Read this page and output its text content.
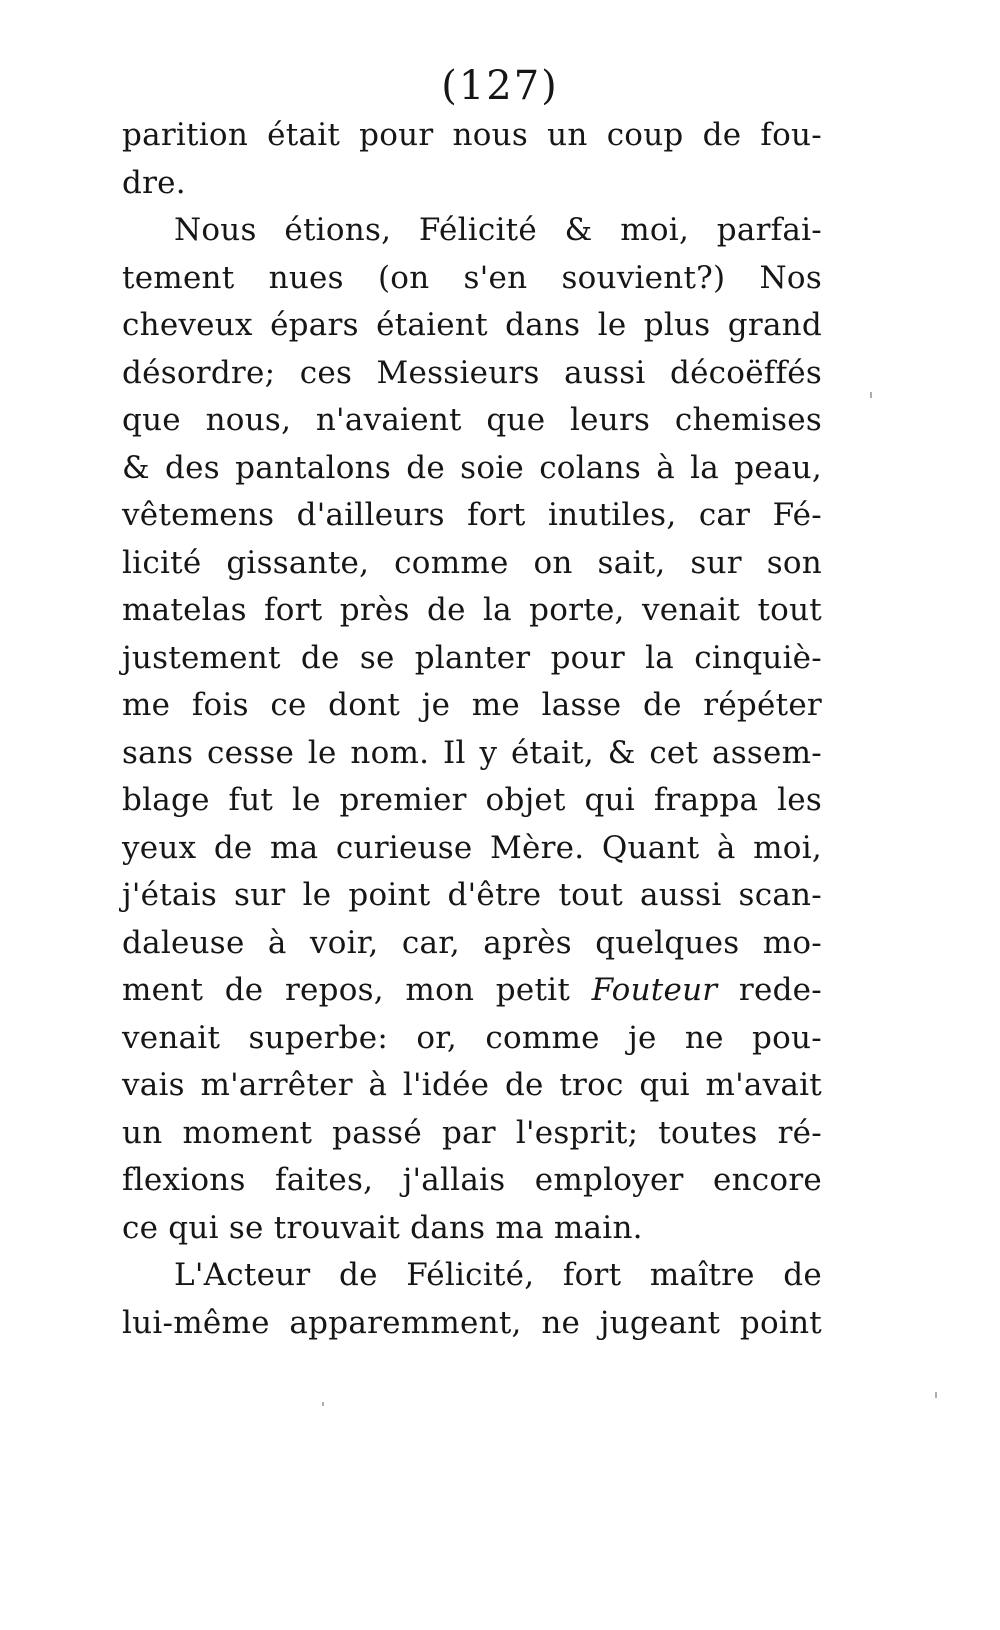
(127)
parition était pour nous un coup de fou-
dre.
Nous étions, Félicité & moi, parfai-
tement nues (on s'en souvient?) Nos
cheveux épars étaient dans le plus grand
désordre; ces Messieurs aussi décoëffés
que nous, n'avaient que leurs chemises
& des pantalons de soie colans à la peau,
vêtemens d'ailleurs fort inutiles, car Fé-
licité gissante, comme on sait, sur son
matelas fort près de la porte, venait tout
justement de se planter pour la cinquiè-
me fois ce dont je me lasse de répéter
sans cesse le nom. Il y était, & cet assem-
blage fut le premier objet qui frappa les
yeux de ma curieuse Mère. Quant à moi,
j'étais sur le point d'être tout aussi scan-
daleuse à voir, car, après quelques mo-
ment de repos, mon petit Fouteur rede-
venait superbe: or, comme je ne pou-
vais m'arrêter à l'idée de troc qui m'avait
un moment passé par l'esprit; toutes ré-
flexions faites, j'allais employer encore
ce qui se trouvait dans ma main.
L'Acteur de Félicité, fort maître de
lui-même apparemment, ne jugeant point
